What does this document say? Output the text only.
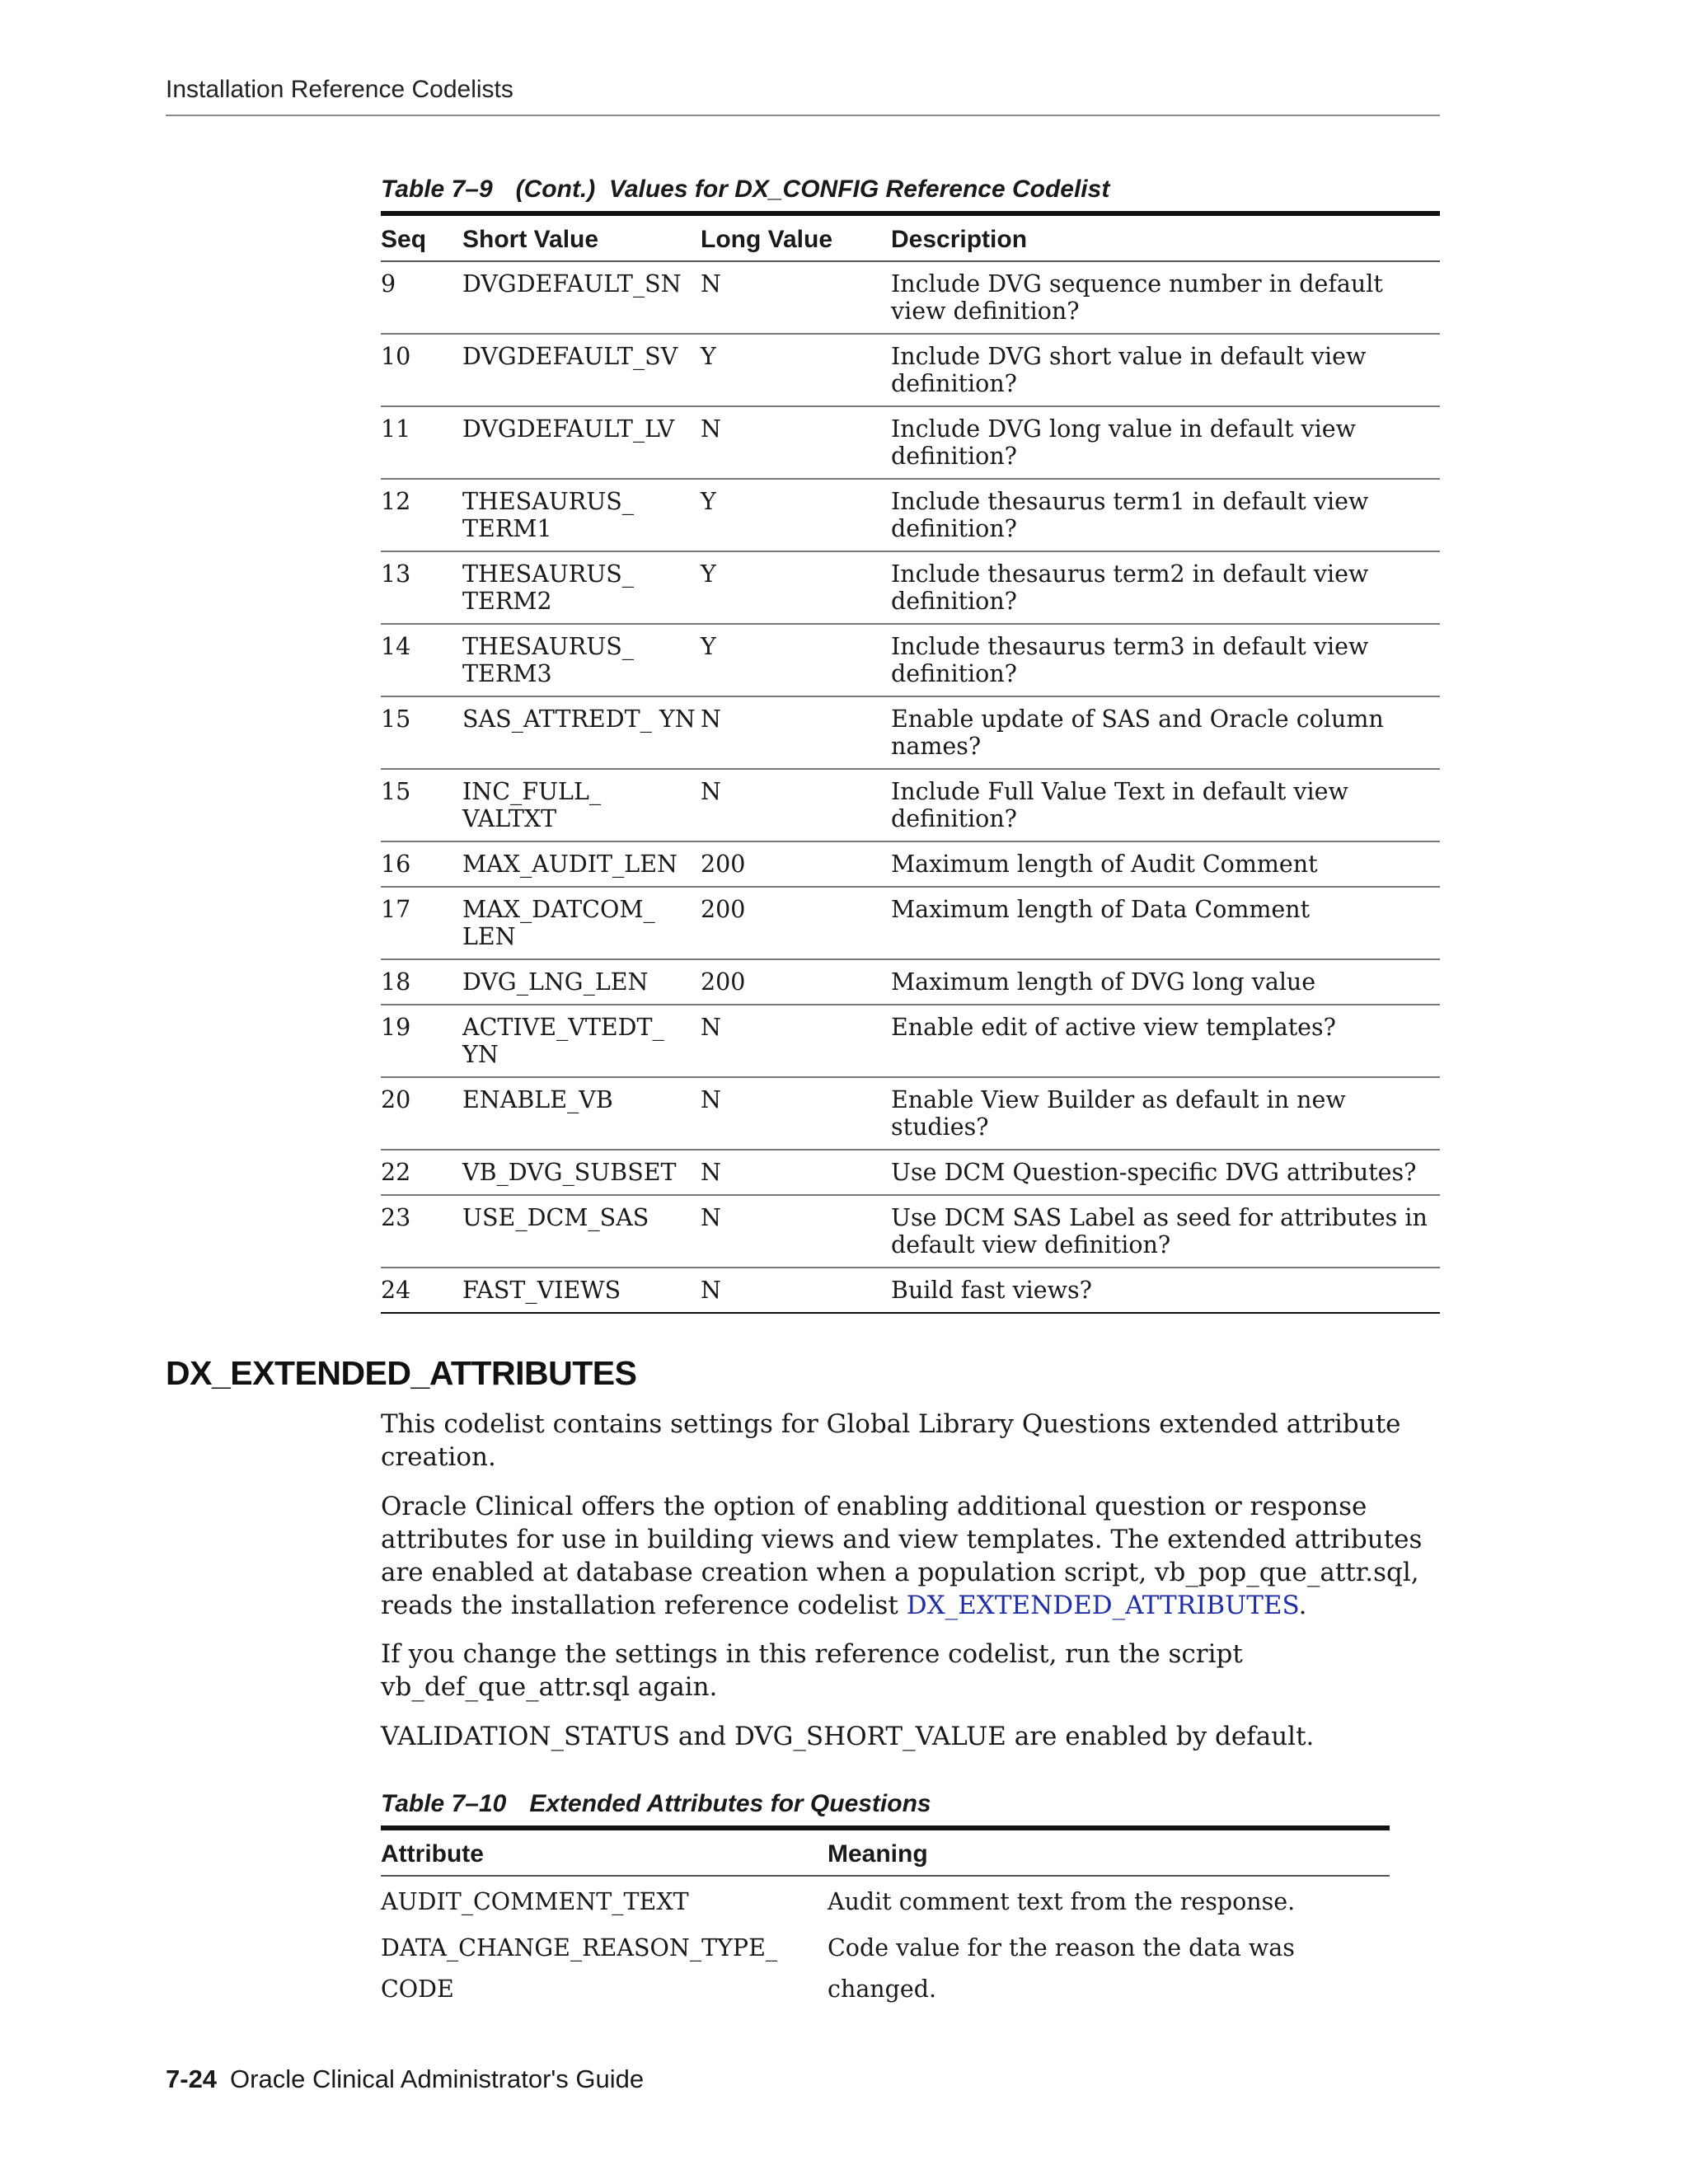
Installation Reference Codelists
Table 7–9 (Cont.)  Values for DX_CONFIG Reference Codelist
Seq	Short Value	Long Value	Description
9	DVGDEFAULT_SN	N	Include DVG sequence number in default view definition?
10	DVGDEFAULT_SV	Y	Include DVG short value in default view definition?
11	DVGDEFAULT_LV	N	Include DVG long value in default view definition?
12	THESAURUS_ TERM1	Y	Include thesaurus term1 in default view definition?
13	THESAURUS_ TERM2	Y	Include thesaurus term2 in default view definition?
14	THESAURUS_ TERM3	Y	Include thesaurus term3 in default view definition?
15	SAS_ATTREDT_ YN	N	Enable update of SAS and Oracle column names?
15	INC_FULL_ VALTXT	N	Include Full Value Text in default view definition?
16	MAX_AUDIT_LEN	200	Maximum length of Audit Comment
17	MAX_DATCOM_ LEN	200	Maximum length of Data Comment
18	DVG_LNG_LEN	200	Maximum length of DVG long value
19	ACTIVE_VTEDT_ YN	N	Enable edit of active view templates?
20	ENABLE_VB	N	Enable View Builder as default in new studies?
22	VB_DVG_SUBSET	N	Use DCM Question-specific DVG attributes?
23	USE_DCM_SAS	N	Use DCM SAS Label as seed for attributes in default view definition?
24	FAST_VIEWS	N	Build fast views?
DX_EXTENDED_ATTRIBUTES

This codelist contains settings for Global Library Questions extended attribute creation.

Oracle Clinical offers the option of enabling additional question or response attributes for use in building views and view templates. The extended attributes are enabled at database creation when a population script, vb_pop_que_attr.sql, reads the installation reference codelist DX_EXTENDED_ATTRIBUTES.

If you change the settings in this reference codelist, run the script vb_def_que_attr.sql again.

VALIDATION_STATUS and DVG_SHORT_VALUE are enabled by default.

Table 7–10 Extended Attributes for Questions
Attribute	Meaning
AUDIT_COMMENT_TEXT	Audit comment text from the response.
DATA_CHANGE_REASON_TYPE_ CODE	Code value for the reason the data was changed.
7-24 Oracle Clinical Administrator's Guide
